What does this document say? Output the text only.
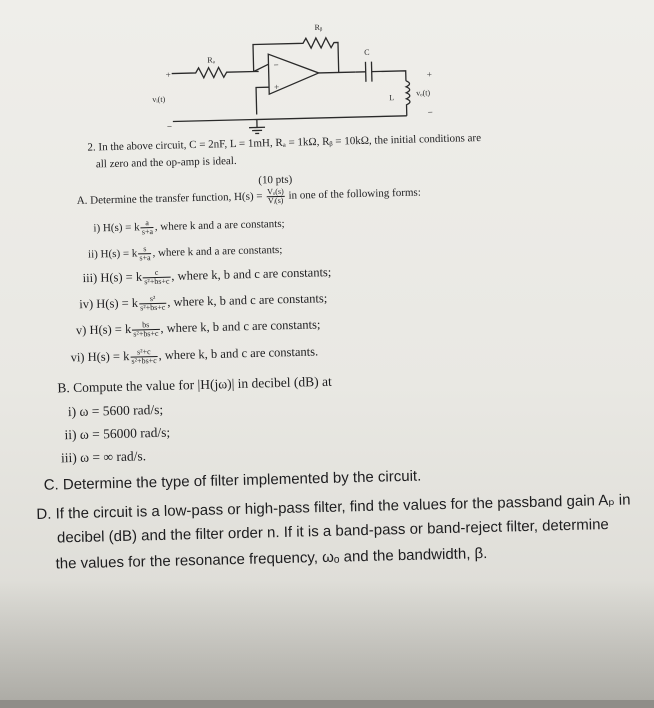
+
vᵢ(t)
−
Rₐ
Rᵦ
−
+
C
L
+
vₒ(t)
−
2. In the above circuit, C = 2nF, L = 1mH, Rₐ = 1kΩ, Rᵦ = 10kΩ, the initial conditions are
all zero and the op-amp is ideal.
(10 pts)
A. Determine the transfer function, $H(s) = \frac{\text{Vₒ(s)}}{\text{Vᵢ(s)}}$ in one of the following forms:
i) H(s) = k $\frac{a}{s+a}$ , where k and a are constants;
ii) H(s) = k $\frac{s}{s+a}$ , where k and a are constants;
iii) H(s) = k $\frac{c}{\text{s²+bs+c}}$ , where k, b and c are constants;
iv) H(s) = k $\frac{\text{s²}}{\text{s²+bs+c}}$ , where k, b and c are constants;
v) H(s) = k $\frac{bs}{\text{s²+bs+c}}$ , where k, b and c are constants;
vi) H(s) = k $\frac{\text{s²+c}}{\text{s²+bs+c}}$ , where k, b and c are constants.
B. Compute the value for |H(jω)| in decibel (dB) at
i) ω = 5600 rad/s;
ii) ω = 56000 rad/s;
iii) ω = ∞ rad/s.
C. Determine the type of filter implemented by the circuit.
D. If the circuit is a low-pass or high-pass filter, find the values for the passband gain Aₚ in
decibel (dB) and the filter order n. If it is a band-pass or band-reject filter, determine
the values for the resonance frequency, ωₒ and the bandwidth, β.
